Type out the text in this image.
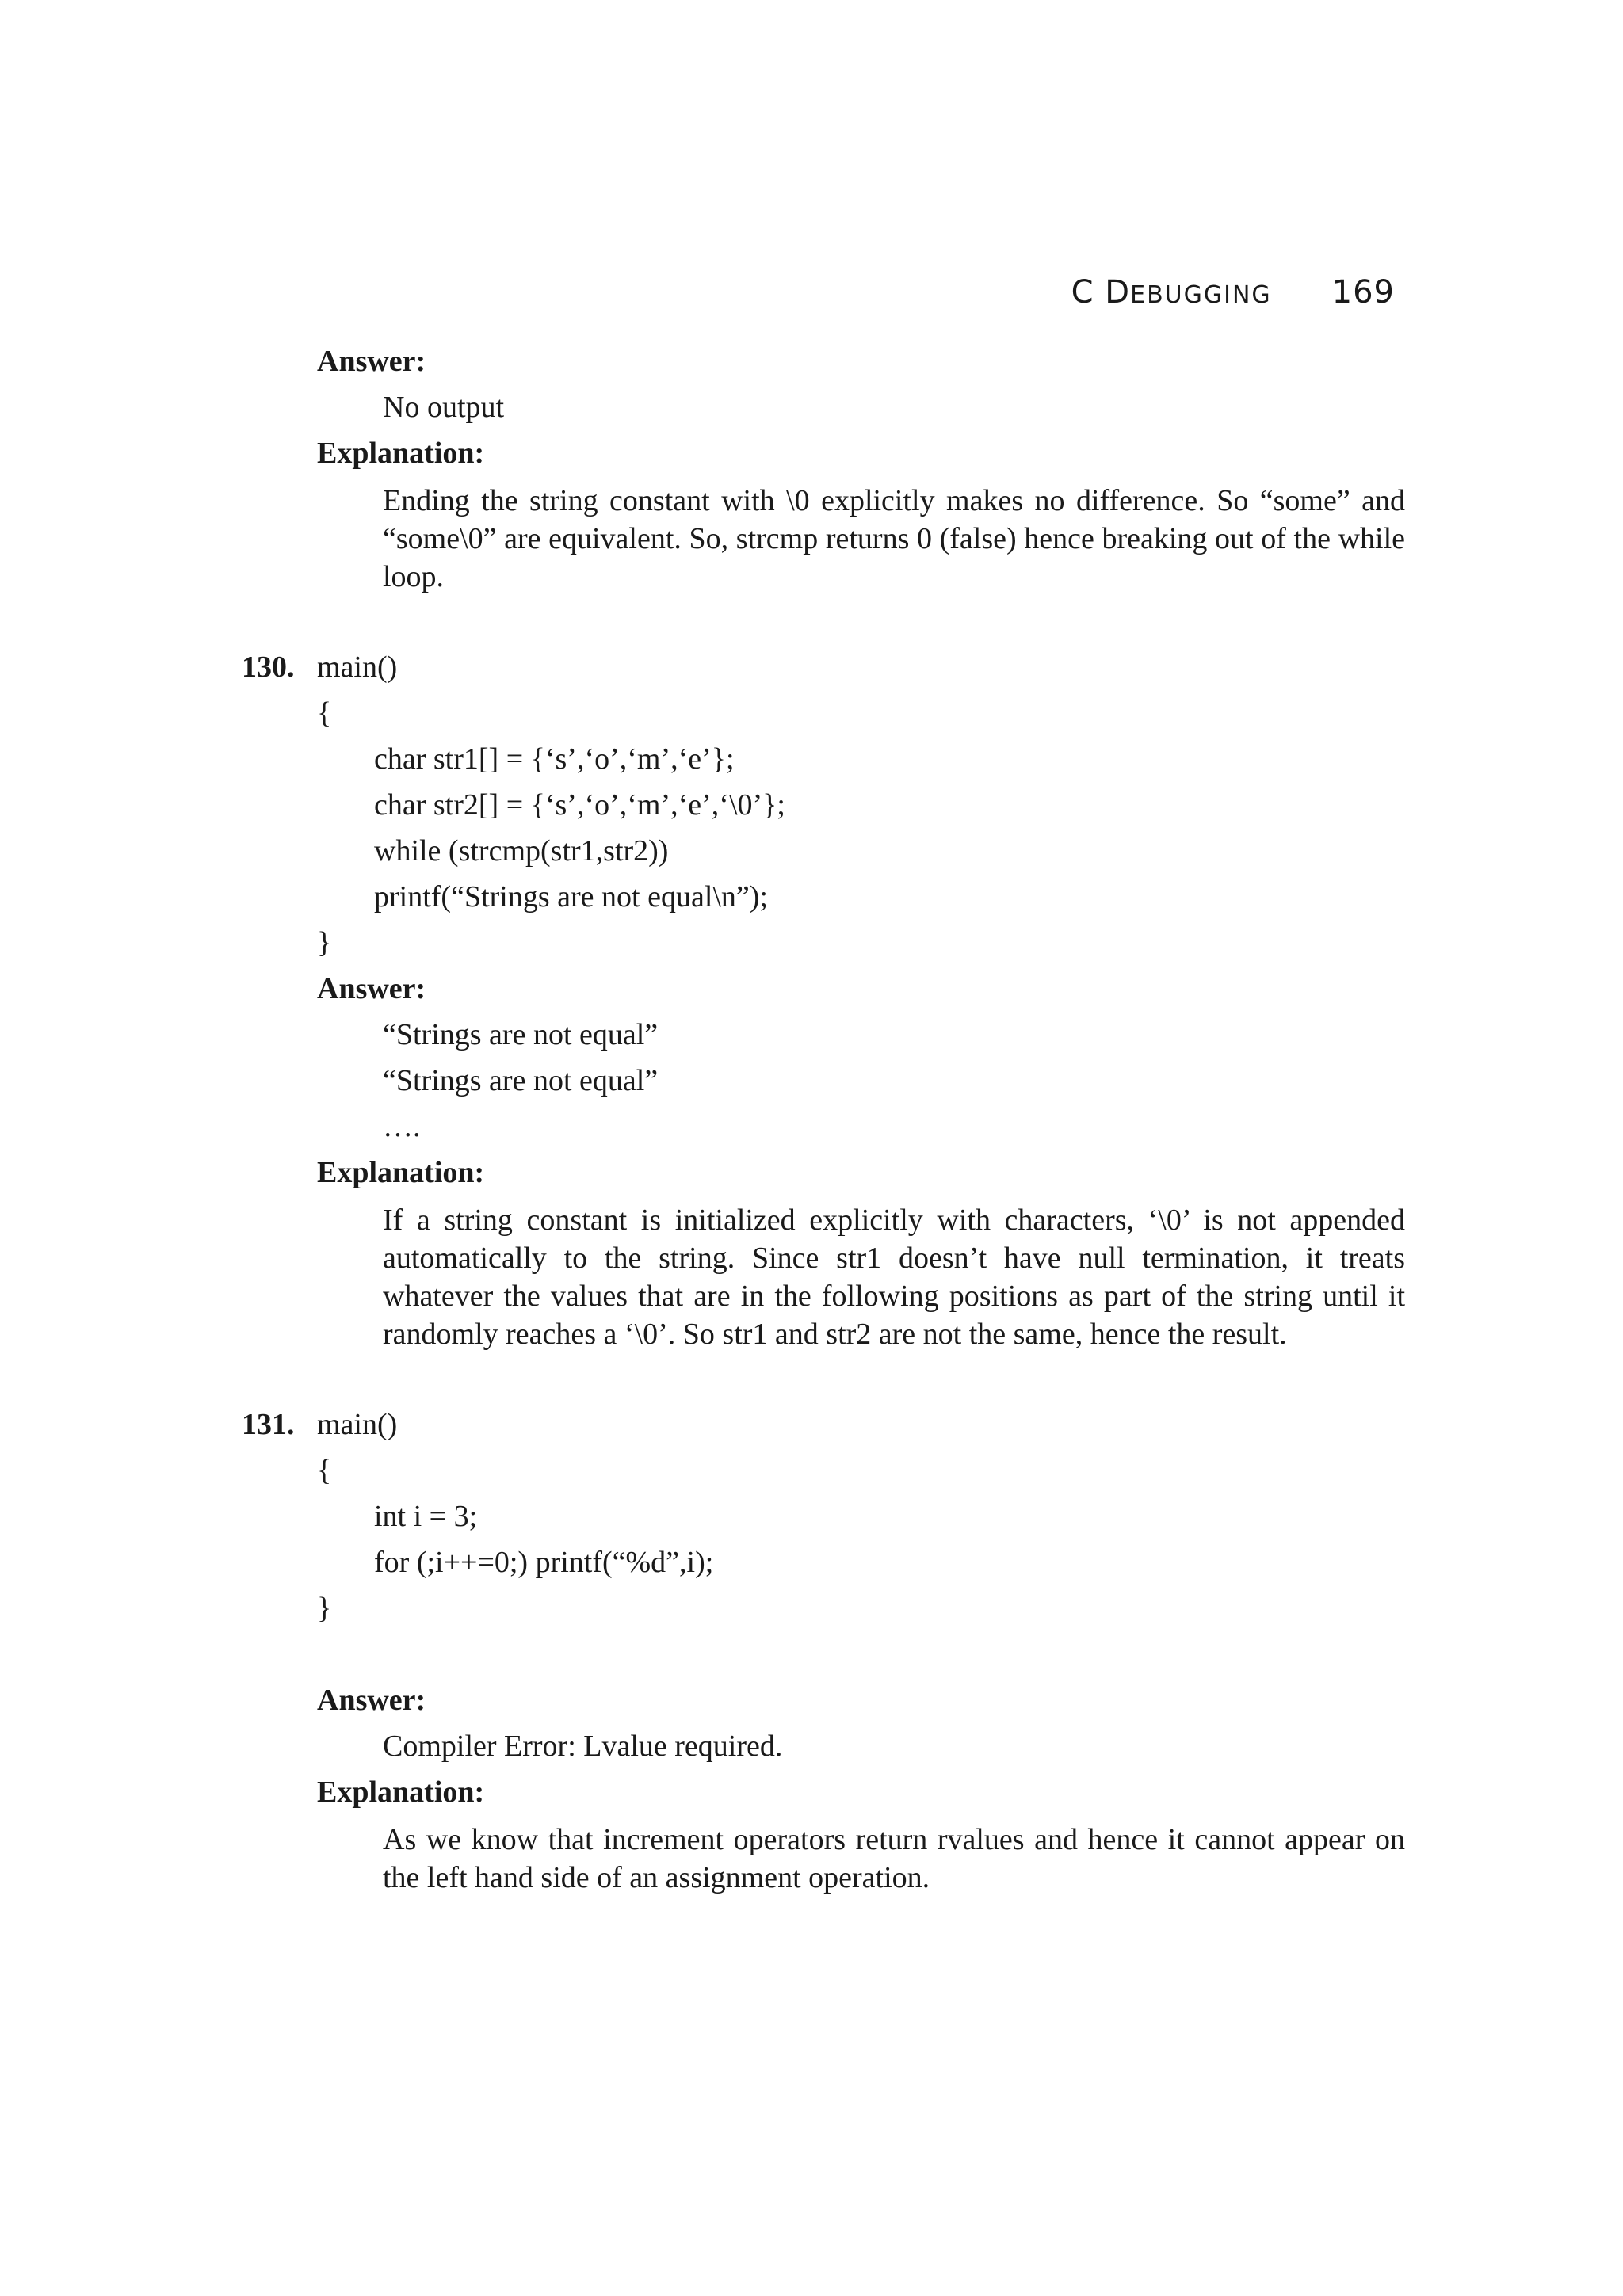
C DEBUGGING 169
Answer:
No output
Explanation:
Ending the string constant with \0 explicitly makes no difference. So “some” and “some\0” are equivalent. So, strcmp returns 0 (false) hence breaking out of the while loop.
130. main()
{
char str1[] = {‘s’,‘o’,‘m’,‘e’};
char str2[] = {‘s’,‘o’,‘m’,‘e’,‘\0’};
while (strcmp(str1,str2))
printf(“Strings are not equal\n”);
}
Answer:
“Strings are not equal”
“Strings are not equal”
….
Explanation:
If a string constant is initialized explicitly with characters, ‘\0’ is not appended automatically to the string. Since str1 doesn’t have null termination, it treats whatever the values that are in the following positions as part of the string until it randomly reaches a ‘\0’. So str1 and str2 are not the same, hence the result.
131. main()
{
int i = 3;
for (;i++=0;) printf(“%d”,i);
}
Answer:
Compiler Error: Lvalue required.
Explanation:
As we know that increment operators return rvalues and hence it cannot appear on the left hand side of an assignment operation.
